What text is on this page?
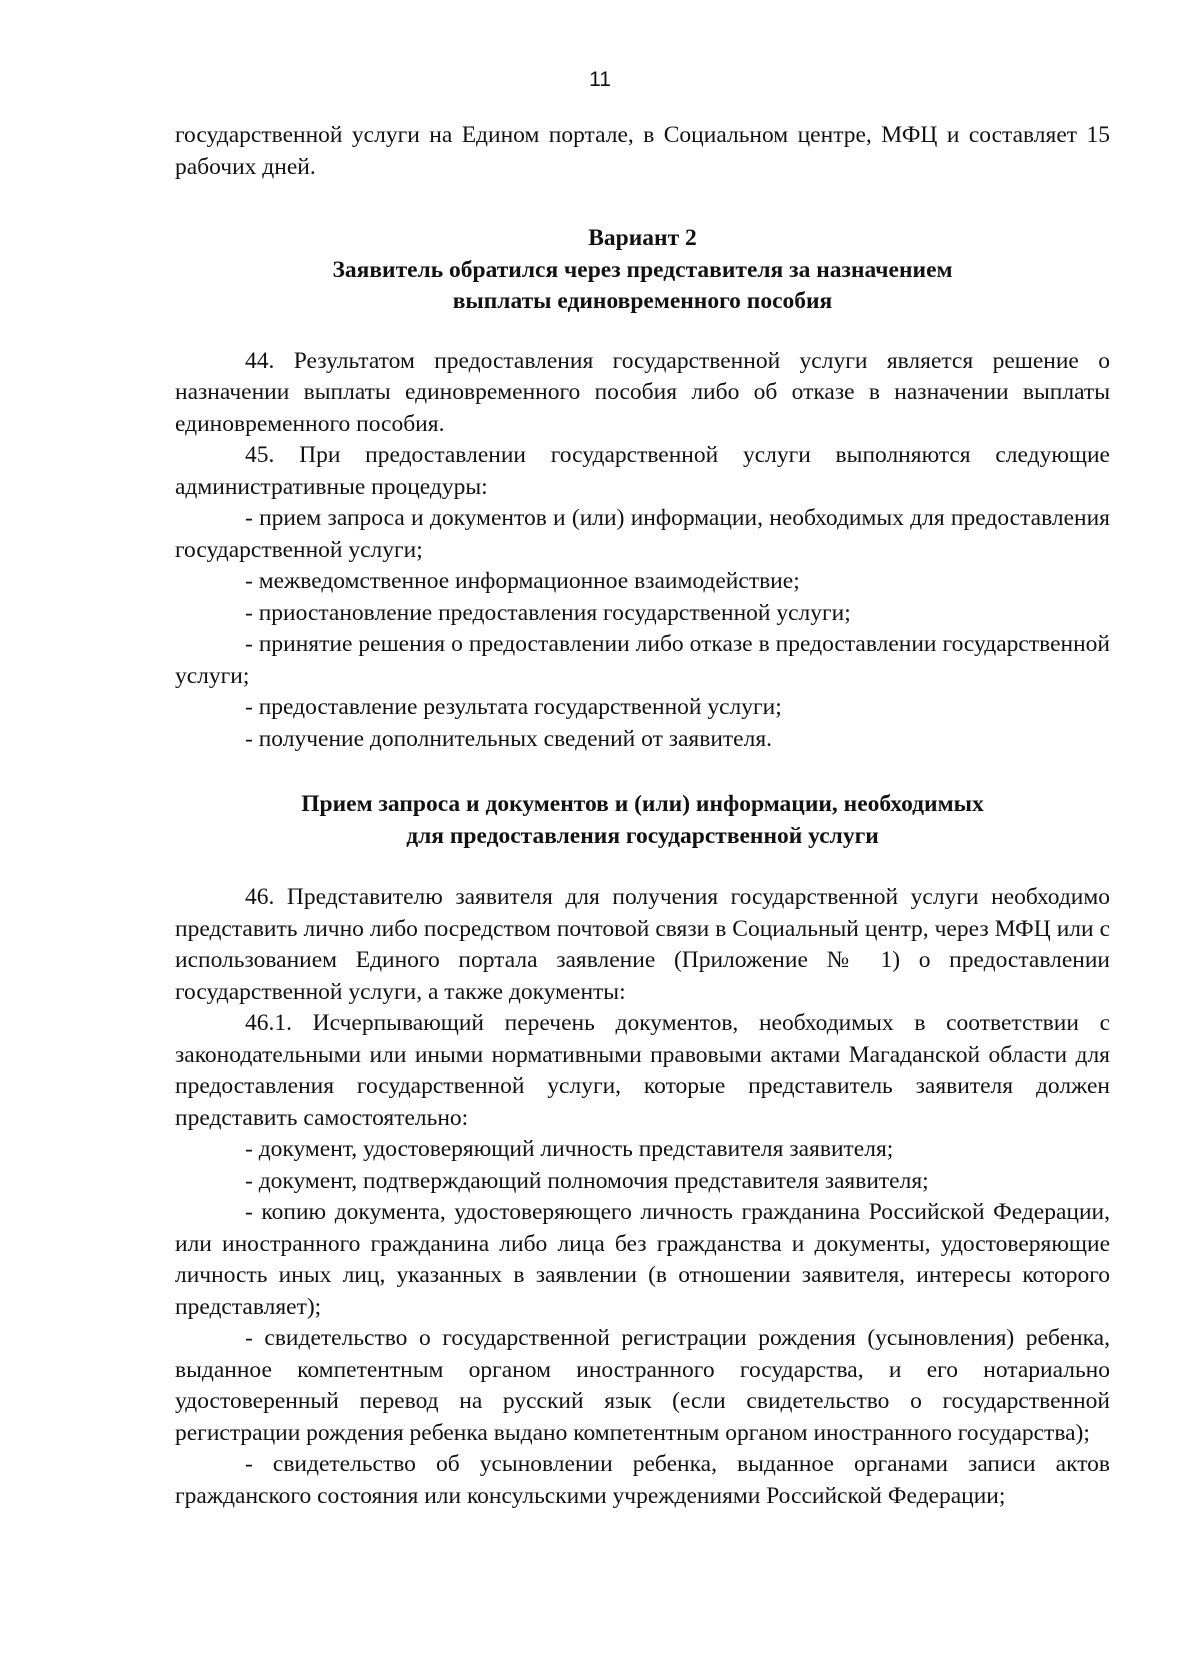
11

государственной услуги на Едином портале, в Социальном центре, МФЦ и составляет 15 рабочих дней.

Вариант 2
Заявитель обратился через представителя за назначением
выплаты единовременного пособия

44. Результатом предоставления государственной услуги является решение о назначении выплаты единовременного пособия либо об отказе в назначении выплаты единовременного пособия.

45. При предоставлении государственной услуги выполняются следующие административные процедуры:

- прием запроса и документов и (или) информации, необходимых для предоставления государственной услуги;

- межведомственное информационное взаимодействие;

- приостановление предоставления государственной услуги;

- принятие решения о предоставлении либо отказе в предоставлении государственной услуги;

- предоставление результата государственной услуги;

- получение дополнительных сведений от заявителя.

Прием запроса и документов и (или) информации, необходимых
для предоставления государственной услуги

46. Представителю заявителя для получения государственной услуги необходимо представить лично либо посредством почтовой связи в Социальный центр, через МФЦ или с использованием Единого портала заявление (Приложение № 1) о предоставлении государственной услуги, а также документы:

46.1. Исчерпывающий перечень документов, необходимых в соответствии с законодательными или иными нормативными правовыми актами Магаданской области для предоставления государственной услуги, которые представитель заявителя должен представить самостоятельно:

- документ, удостоверяющий личность представителя заявителя;

- документ, подтверждающий полномочия представителя заявителя;

- копию документа, удостоверяющего личность гражданина Российской Федерации, или иностранного гражданина либо лица без гражданства и документы, удостоверяющие личность иных лиц, указанных в заявлении (в отношении заявителя, интересы которого представляет);

- свидетельство о государственной регистрации рождения (усыновления) ребенка, выданное компетентным органом иностранного государства, и его нотариально удостоверенный перевод на русский язык (если свидетельство о государственной регистрации рождения ребенка выдано компетентным органом иностранного государства);

- свидетельство об усыновлении ребенка, выданное органами записи актов гражданского состояния или консульскими учреждениями Российской Федерации;
